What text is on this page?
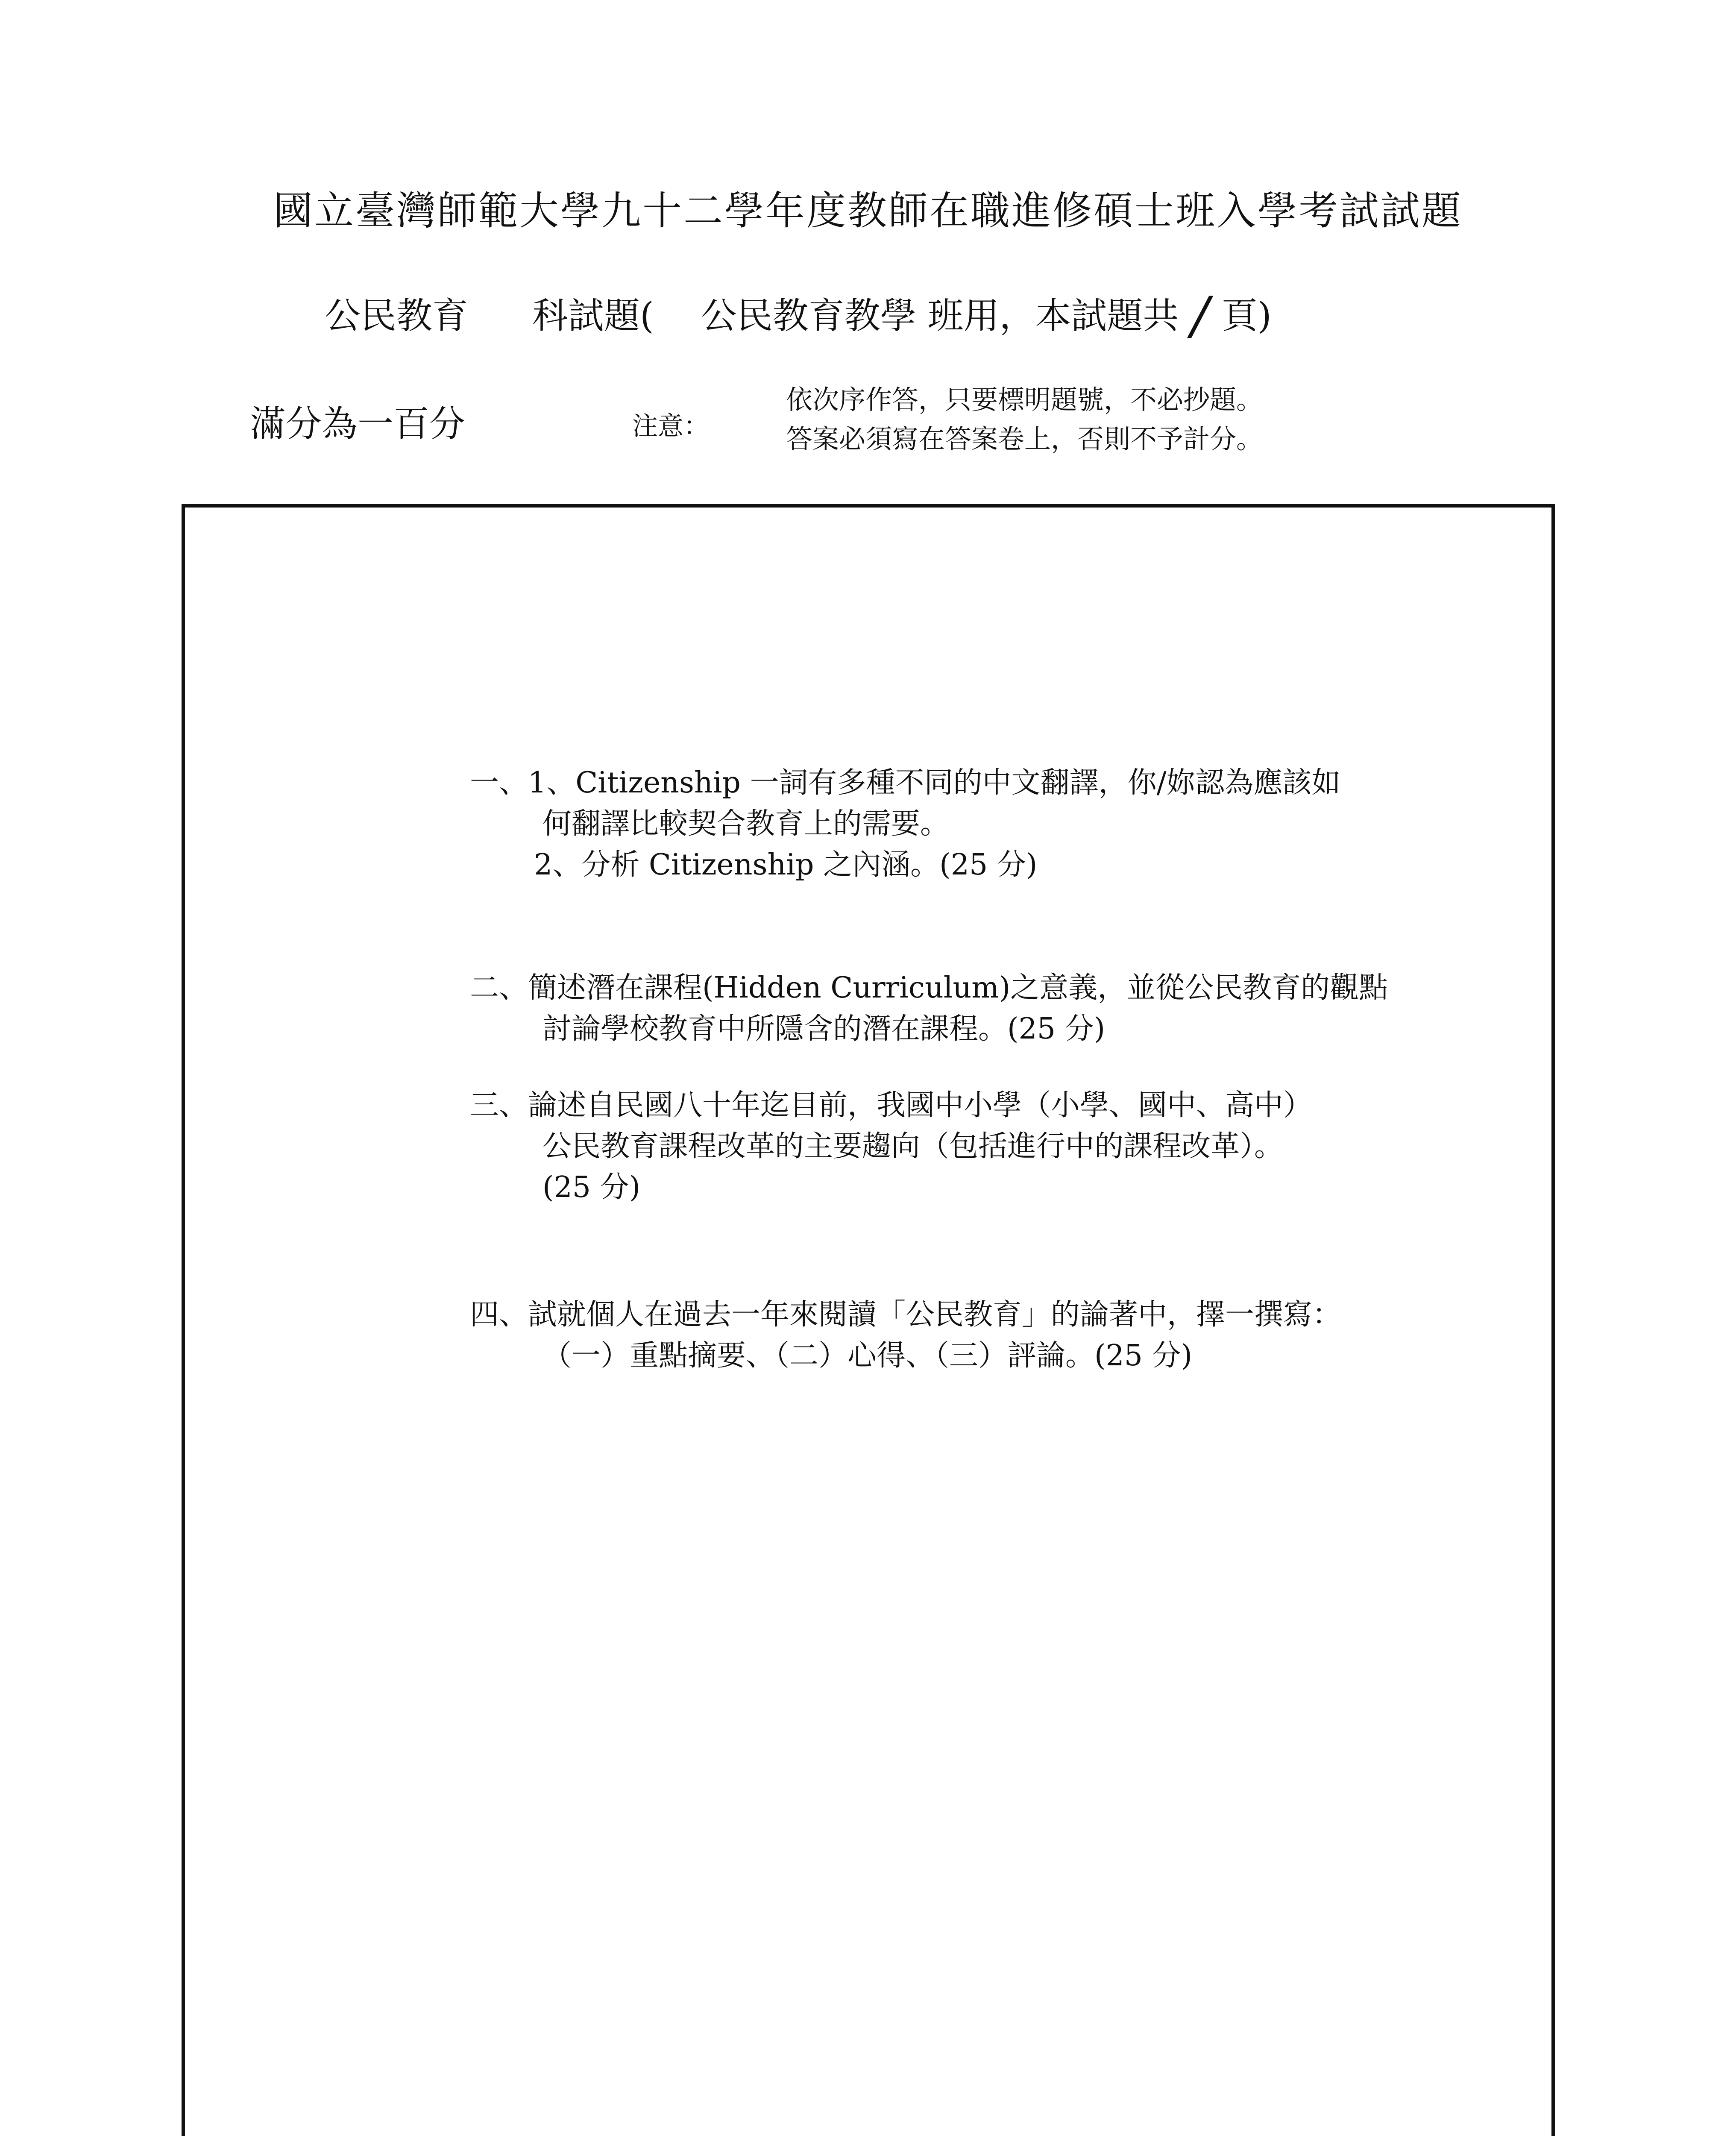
國立臺灣師範大學九十二學年度教師在職進修碩士班入學考試試題
公民教育 科試題( 公民教育教學 班用，本試題共 / 頁)
滿分為一百分	注意：
依次序作答，只要標明題號，不必抄題。
答案必須寫在答案卷上，否則不予計分。
一、1、Citizenship 一詞有多種不同的中文翻譯，你/妳認為應該如
何翻譯比較契合教育上的需要。
2、分析 Citizenship 之內涵。(25 分)
二、簡述潛在課程(Hidden Curriculum)之意義，並從公民教育的觀點
討論學校教育中所隱含的潛在課程。(25 分)
三、論述自民國八十年迄目前，我國中小學（小學、國中、高中）
公民教育課程改革的主要趨向（包括進行中的課程改革）。
(25 分)
四、試就個人在過去一年來閱讀「公民教育」的論著中，擇一撰寫：
（一）重點摘要、（二）心得、（三）評論。(25 分)
